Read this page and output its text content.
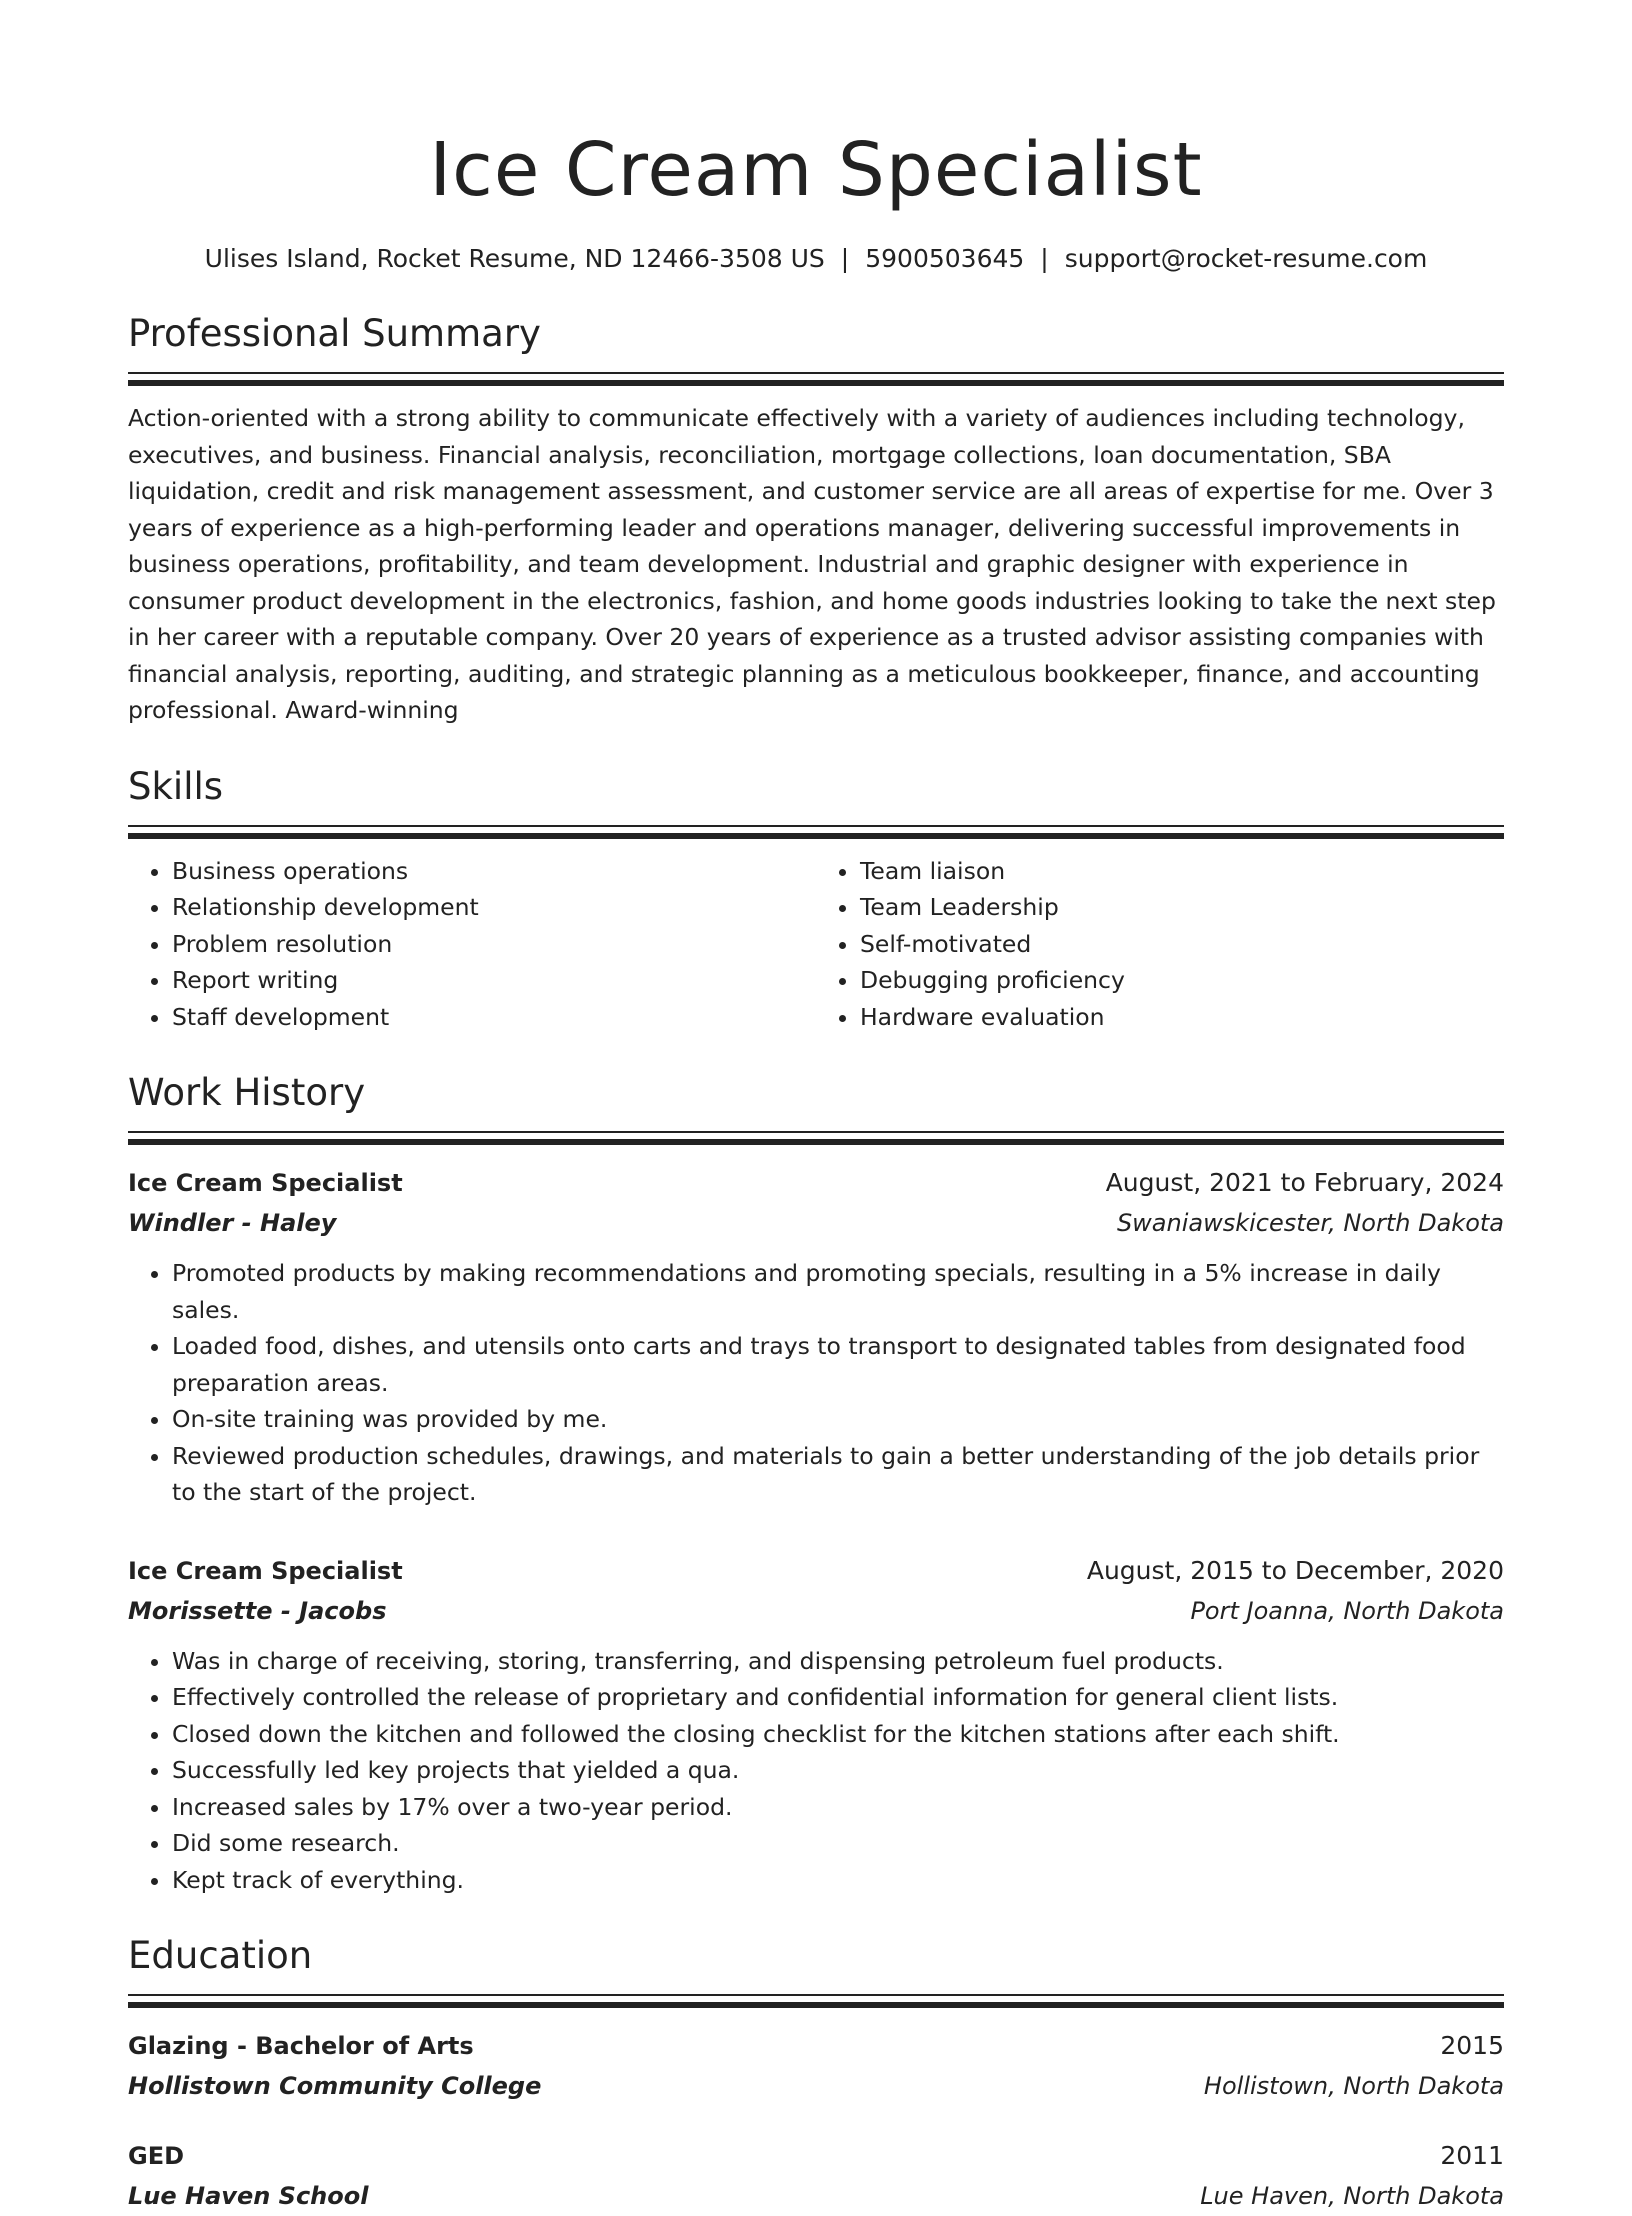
Ice Cream Specialist
Ulises Island, Rocket Resume, ND 12466-3508 US | 5900503645 | support@rocket-resume.com
Professional Summary
Action-oriented with a strong ability to communicate effectively with a variety of audiences including technology, executives, and business. Financial analysis, reconciliation, mortgage collections, loan documentation, SBA liquidation, credit and risk management assessment, and customer service are all areas of expertise for me. Over 3 years of experience as a high-performing leader and operations manager, delivering successful improvements in business operations, profitability, and team development. Industrial and graphic designer with experience in consumer product development in the electronics, fashion, and home goods industries looking to take the next step in her career with a reputable company. Over 20 years of experience as a trusted advisor assisting companies with financial analysis, reporting, auditing, and strategic planning as a meticulous bookkeeper, finance, and accounting professional. Award-winning
Skills
• Business operations
• Relationship development
• Problem resolution
• Report writing
• Staff development
• Team liaison
• Team Leadership
• Self-motivated
• Debugging proficiency
• Hardware evaluation
Work History
Ice Cream Specialist	August, 2021 to February, 2024
Windler - Haley	Swaniawskicester, North Dakota
• Promoted products by making recommendations and promoting specials, resulting in a 5% increase in daily sales.
• Loaded food, dishes, and utensils onto carts and trays to transport to designated tables from designated food preparation areas.
• On-site training was provided by me.
• Reviewed production schedules, drawings, and materials to gain a better understanding of the job details prior to the start of the project.
Ice Cream Specialist	August, 2015 to December, 2020
Morissette - Jacobs	Port Joanna, North Dakota
• Was in charge of receiving, storing, transferring, and dispensing petroleum fuel products.
• Effectively controlled the release of proprietary and confidential information for general client lists.
• Closed down the kitchen and followed the closing checklist for the kitchen stations after each shift.
• Successfully led key projects that yielded a qua.
• Increased sales by 17% over a two-year period.
• Did some research.
• Kept track of everything.
Education
Glazing - Bachelor of Arts	2015
Hollistown Community College	Hollistown, North Dakota
GED	2011
Lue Haven School	Lue Haven, North Dakota
